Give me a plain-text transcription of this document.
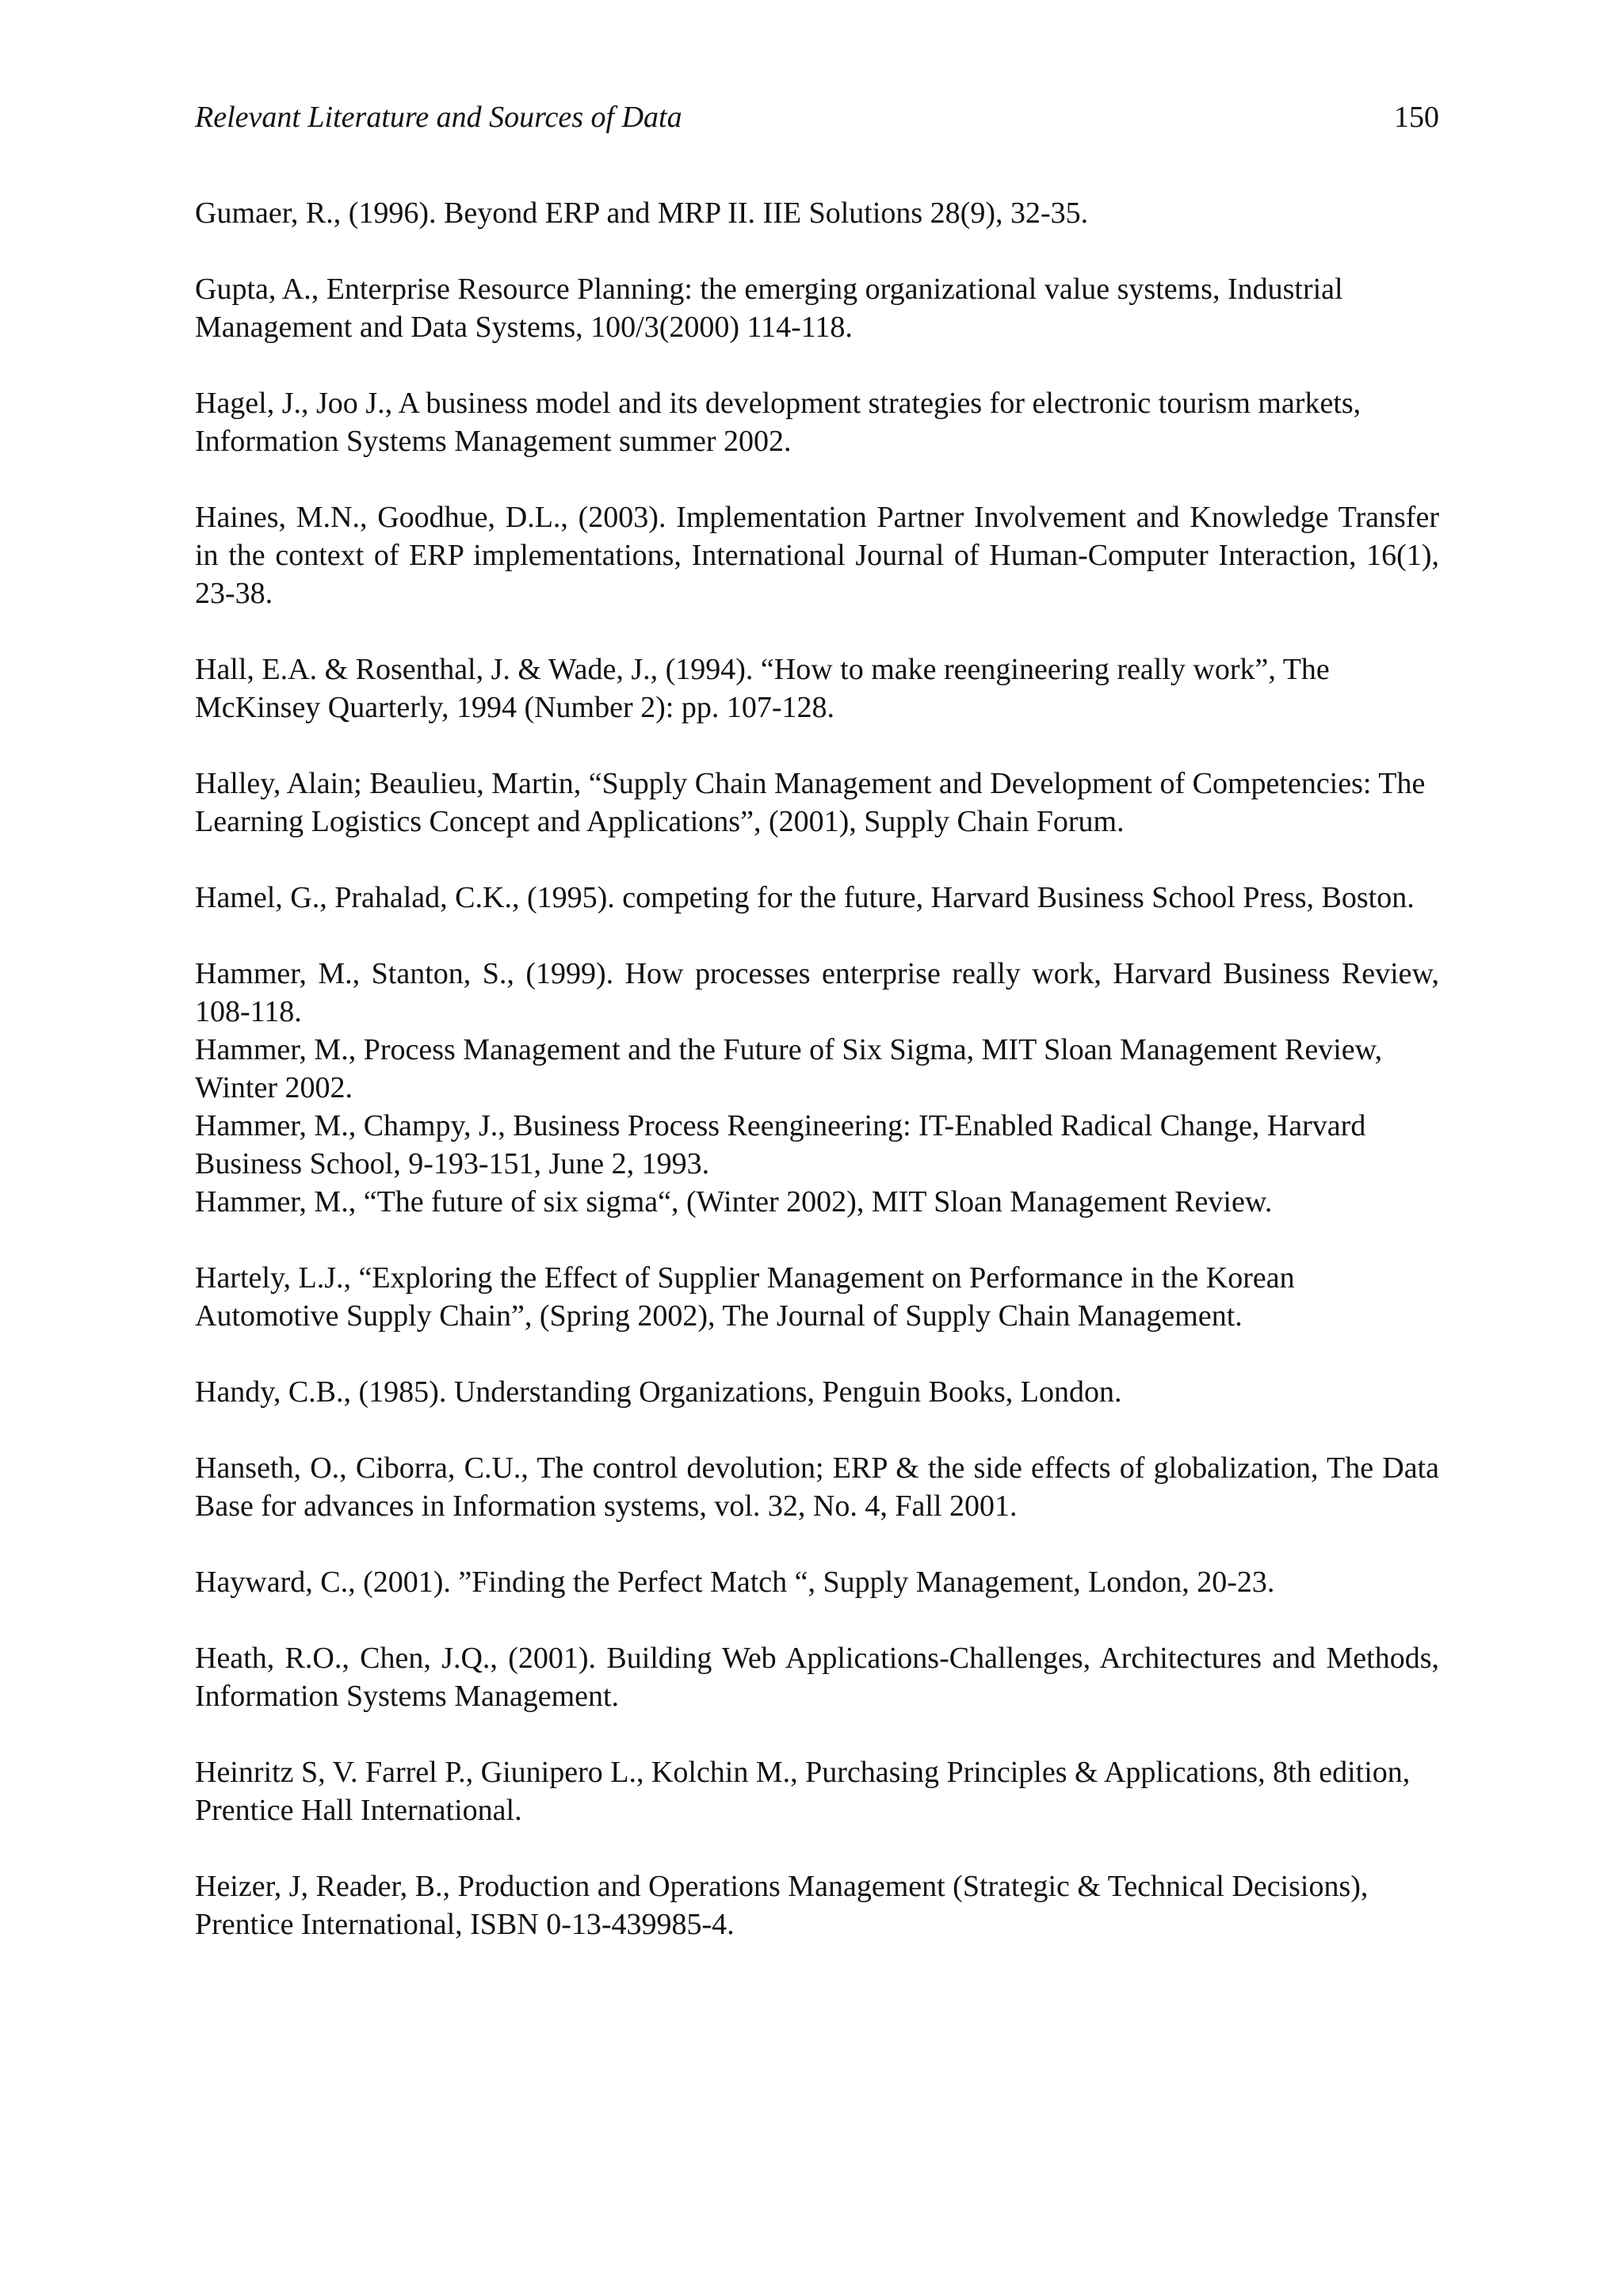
Relevant Literature and Sources of Data	150
Gumaer, R., (1996). Beyond ERP and MRP II. IIE Solutions 28(9), 32-35.
Gupta, A., Enterprise Resource Planning: the emerging organizational value systems, Industrial Management and Data Systems, 100/3(2000) 114-118.
Hagel, J., Joo J., A business model and its development strategies for electronic tourism markets, Information Systems Management summer 2002.
Haines, M.N., Goodhue, D.L., (2003). Implementation Partner Involvement and Knowledge Transfer in the context of ERP implementations, International Journal of Human-Computer Interaction, 16(1), 23-38.
Hall, E.A. & Rosenthal, J. & Wade, J., (1994). “How to make reengineering really work”, The McKinsey Quarterly, 1994 (Number 2): pp. 107-128.
Halley, Alain; Beaulieu, Martin, “Supply Chain Management and Development of Competencies: The Learning Logistics Concept and Applications”, (2001), Supply Chain Forum.
Hamel, G., Prahalad, C.K., (1995). competing for the future, Harvard Business School Press, Boston.
Hammer, M., Stanton, S., (1999). How processes enterprise really work, Harvard Business Review, 108-118.
Hammer, M., Process Management and the Future of Six Sigma, MIT Sloan Management Review, Winter 2002.
Hammer, M., Champy, J., Business Process Reengineering: IT-Enabled Radical Change, Harvard Business School, 9-193-151, June 2, 1993.
Hammer, M., “The future of six sigma“, (Winter 2002), MIT Sloan Management Review.
Hartely, L.J., “Exploring the Effect of Supplier Management on Performance in the Korean Automotive Supply Chain”, (Spring 2002), The Journal of Supply Chain Management.
Handy, C.B., (1985). Understanding Organizations, Penguin Books, London.
Hanseth, O., Ciborra, C.U., The control devolution; ERP & the side effects of globalization, The Data Base for advances in Information systems, vol. 32, No. 4, Fall 2001.
Hayward, C., (2001). ”Finding the Perfect Match “, Supply Management, London, 20-23.
Heath, R.O., Chen, J.Q., (2001). Building Web Applications-Challenges, Architectures and Methods, Information Systems Management.
Heinritz S, V. Farrel P., Giunipero L., Kolchin M., Purchasing Principles & Applications, 8th edition, Prentice Hall International.
Heizer, J, Reader, B., Production and Operations Management (Strategic & Technical Decisions), Prentice International, ISBN 0-13-439985-4.
